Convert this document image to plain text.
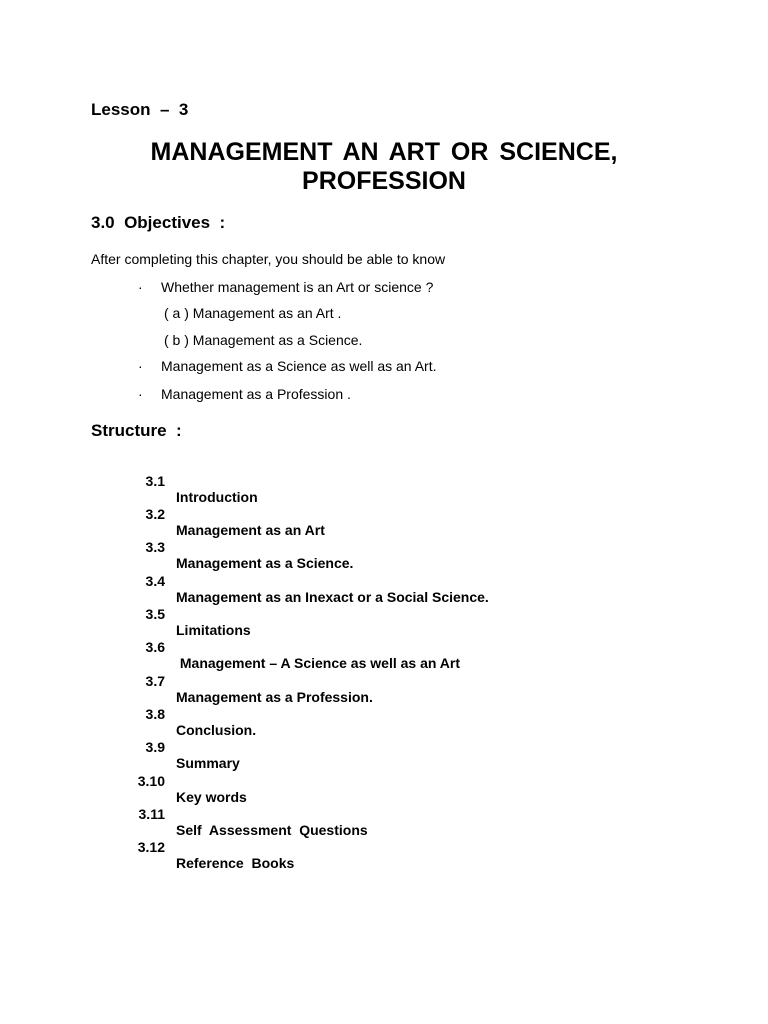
Lesson  –  3
MANAGEMENT AN ART OR SCIENCE,
PROFESSION
3.0  Objectives  :
After completing this chapter, you should be able to know
· Whether management is an Art or science ?
( a ) Management as an Art .
( b ) Management as a Science.
· Management as a Science as well as an Art.
· Management as a Profession .
Structure  :

3.1

Introduction

3.2

Management as an Art

3.3

Management as a Science.

3.4

Management as an Inexact or a Social Science.

3.5

Limitations

3.6

Management – A Science as well as an Art

3.7

Management as a Profession.

3.8

Conclusion.

3.9

Summary

3.10

Key words

3.11

Self  Assessment  Questions

3.12

Reference  Books
